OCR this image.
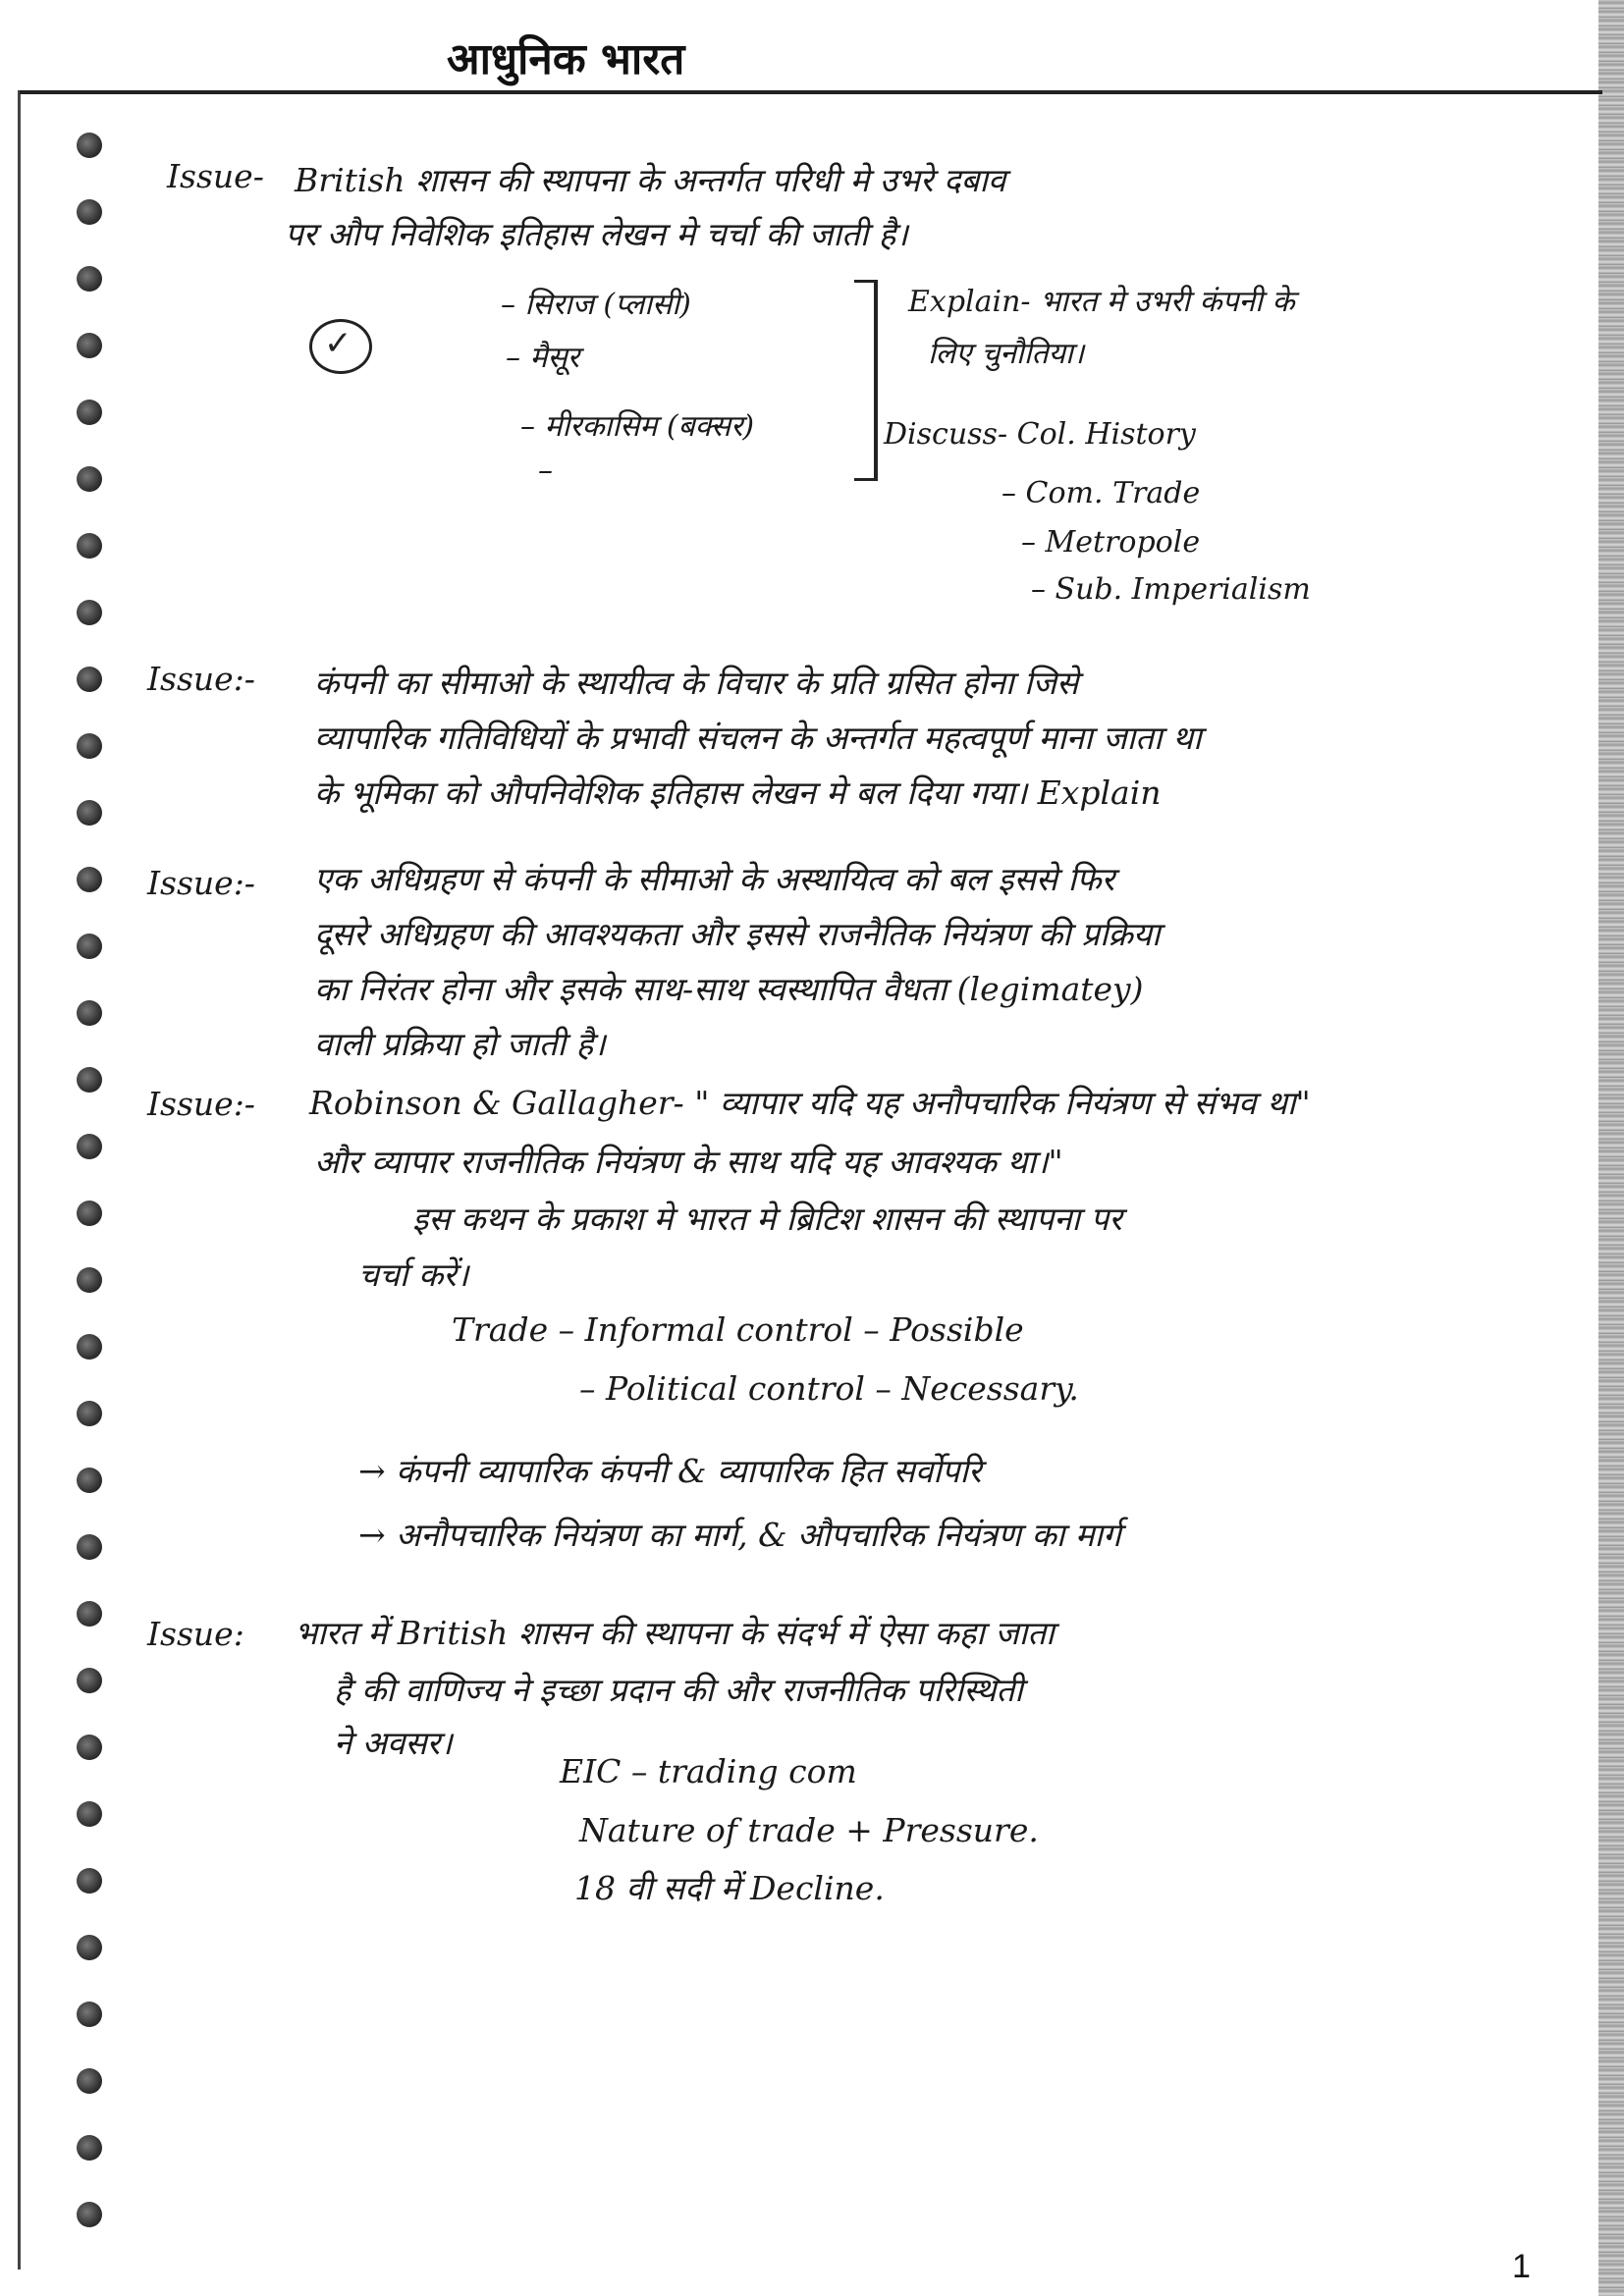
आधुनिक भारत
Issue- British शासन की स्थापना के अन्तर्गत परिधी मे उभरे दबाव
पर औप निवेशिक इतिहास लेखन मे चर्चा की जाती है।
✓
– सिराज (प्लासी)
– मैसूर
– मीरकासिम (बक्सर)
–
Explain- भारत मे उभरी कंपनी के
लिए चुनौतिया।
Discuss- Col. History
– Com. Trade
– Metropole
– Sub. Imperialism
Issue:- कंपनी का सीमाओ के स्थायीत्व के विचार के प्रति ग्रसित होना जिसे
व्यापारिक गतिविधियों के प्रभावी संचलन के अन्तर्गत महत्वपूर्ण माना जाता था
के भूमिका को औपनिवेशिक इतिहास लेखन मे बल दिया गया। Explain
Issue:- एक अधिग्रहण से कंपनी के सीमाओ के अस्थायित्व को बल इससे फिर
दूसरे अधिग्रहण की आवश्यकता और इससे राजनैतिक नियंत्रण की प्रक्रिया
का निरंतर होना और इसके साथ-साथ स्वस्थापित वैधता (legimatey)
वाली प्रक्रिया हो जाती है।
Issue:- Robinson & Gallagher- " व्यापार यदि यह अनौपचारिक नियंत्रण से संभव था"
और व्यापार राजनीतिक नियंत्रण के साथ यदि यह आवश्यक था।"
इस कथन के प्रकाश मे भारत मे ब्रिटिश शासन की स्थापना पर
चर्चा करें।
Trade – Informal control – Possible
– Political control – Necessary.
→ कंपनी व्यापारिक कंपनी & व्यापारिक हित सर्वोपरि
→ अनौपचारिक नियंत्रण का मार्ग, & औपचारिक नियंत्रण का मार्ग
Issue: भारत में British शासन की स्थापना के संदर्भ में ऐसा कहा जाता
है की वाणिज्य ने इच्छा प्रदान की और राजनीतिक परिस्थिती
ने अवसर।
EIC – trading com
Nature of trade + Pressure.
18 वी सदी में Decline.
1
